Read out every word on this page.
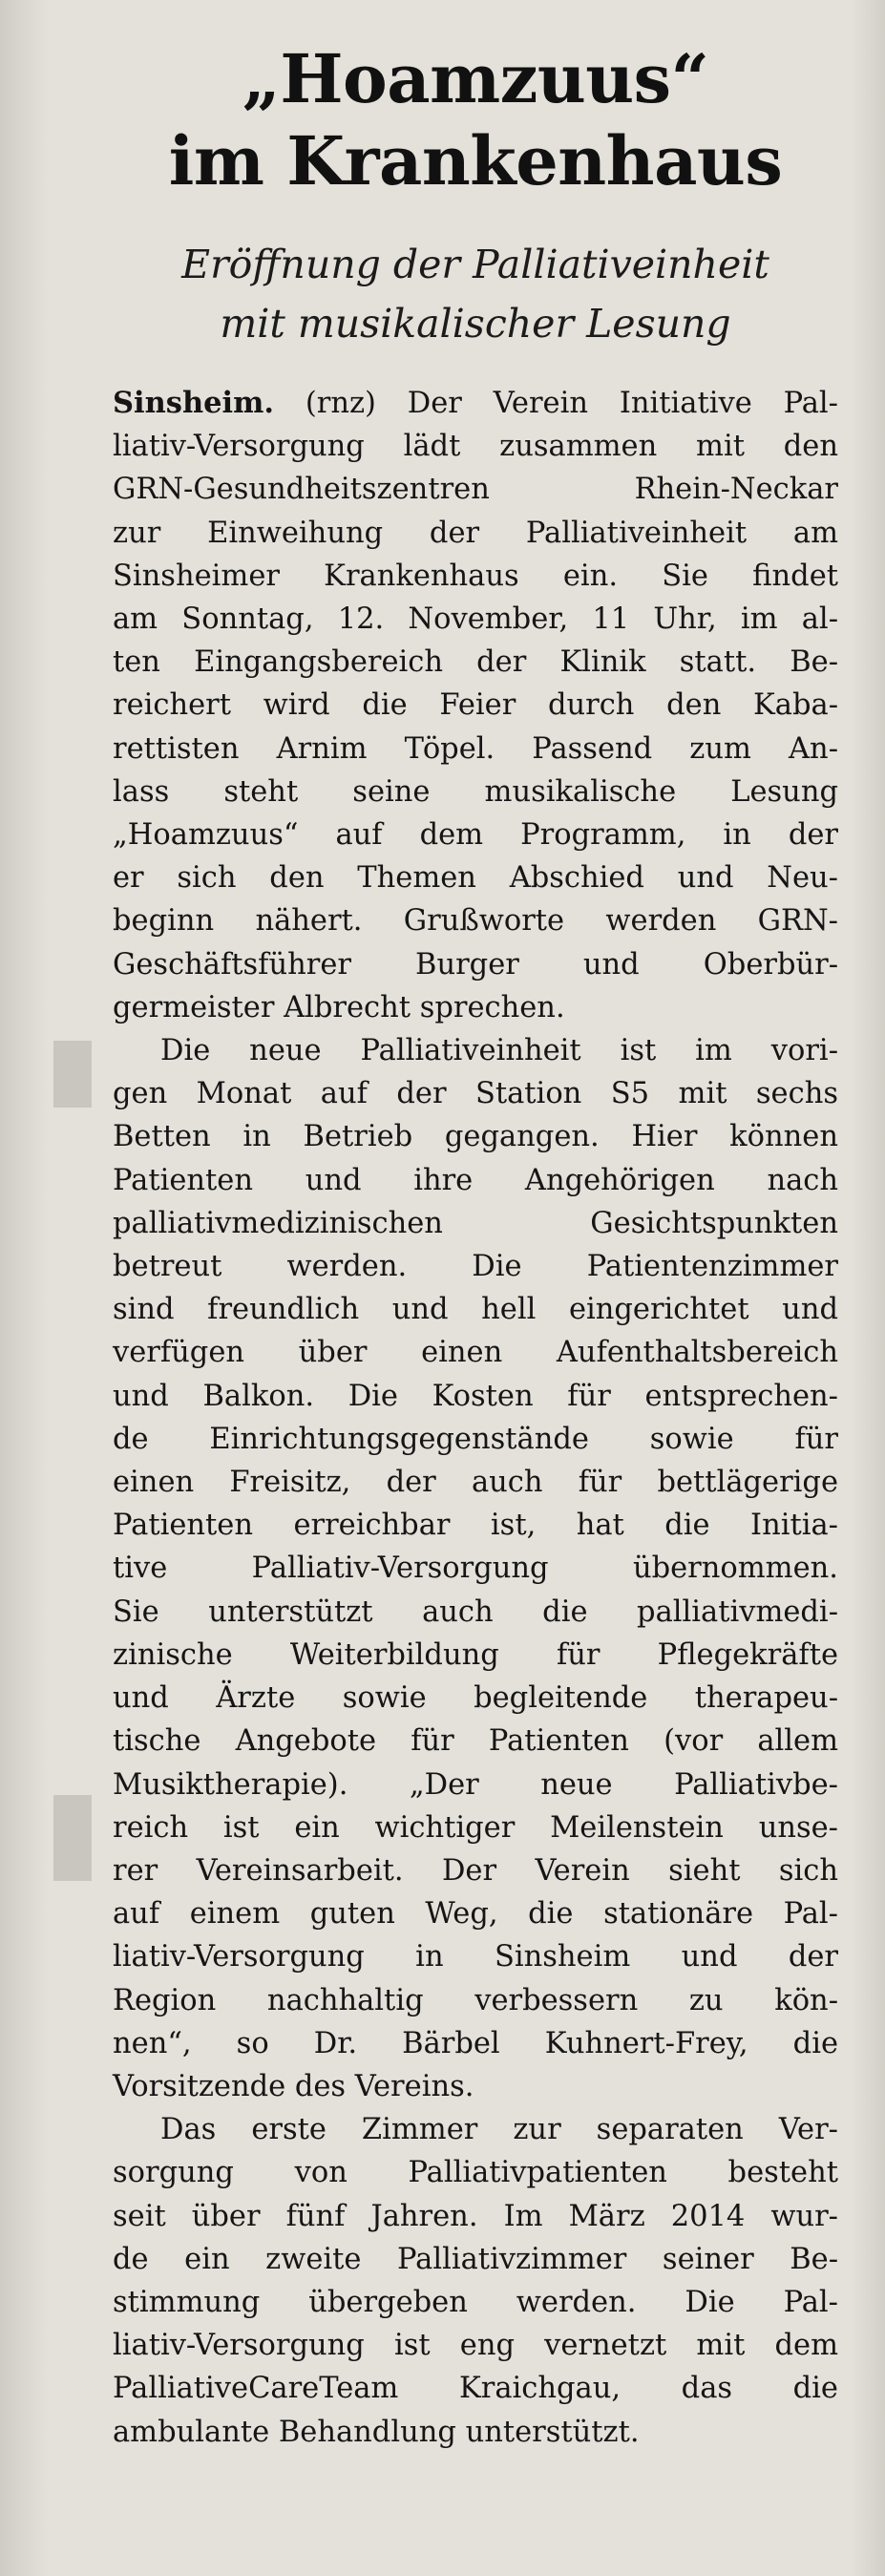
„Hoamzuus“
im Krankenhaus
Eröffnung der Palliativeinheit
mit musikalischer Lesung

Sinsheim. (rnz) Der Verein Initiative Pal-
liativ-Versorgung lädt zusammen mit den
GRN-Gesundheitszentren Rhein-Neckar
zur Einweihung der Palliativeinheit am
Sinsheimer Krankenhaus ein. Sie findet
am Sonntag, 12. November, 11 Uhr, im al-
ten Eingangsbereich der Klinik statt. Be-
reichert wird die Feier durch den Kaba-
rettisten Arnim Töpel. Passend zum An-
lass steht seine musikalische Lesung
„Hoamzuus“ auf dem Programm, in der
er sich den Themen Abschied und Neu-
beginn nähert. Grußworte werden GRN-
Geschäftsführer Burger und Oberbür-
germeister Albrecht sprechen.

Die neue Palliativeinheit ist im vori-
gen Monat auf der Station S5 mit sechs
Betten in Betrieb gegangen. Hier können
Patienten und ihre Angehörigen nach
palliativmedizinischen Gesichtspunkten
betreut werden. Die Patientenzimmer
sind freundlich und hell eingerichtet und
verfügen über einen Aufenthaltsbereich
und Balkon. Die Kosten für entsprechen-
de Einrichtungsgegenstände sowie für
einen Freisitz, der auch für bettlägerige
Patienten erreichbar ist, hat die Initia-
tive Palliativ-Versorgung übernommen.
Sie unterstützt auch die palliativmedi-
zinische Weiterbildung für Pflegekräfte
und Ärzte sowie begleitende therapeu-
tische Angebote für Patienten (vor allem
Musiktherapie). „Der neue Palliativbe-
reich ist ein wichtiger Meilenstein unse-
rer Vereinsarbeit. Der Verein sieht sich
auf einem guten Weg, die stationäre Pal-
liativ-Versorgung in Sinsheim und der
Region nachhaltig verbessern zu kön-
nen“, so Dr. Bärbel Kuhnert-Frey, die
Vorsitzende des Vereins.

Das erste Zimmer zur separaten Ver-
sorgung von Palliativpatienten besteht
seit über fünf Jahren. Im März 2014 wur-
de ein zweite Palliativzimmer seiner Be-
stimmung übergeben werden. Die Pal-
liativ-Versorgung ist eng vernetzt mit dem
PalliativeCareTeam Kraichgau, das die
ambulante Behandlung unterstützt.
